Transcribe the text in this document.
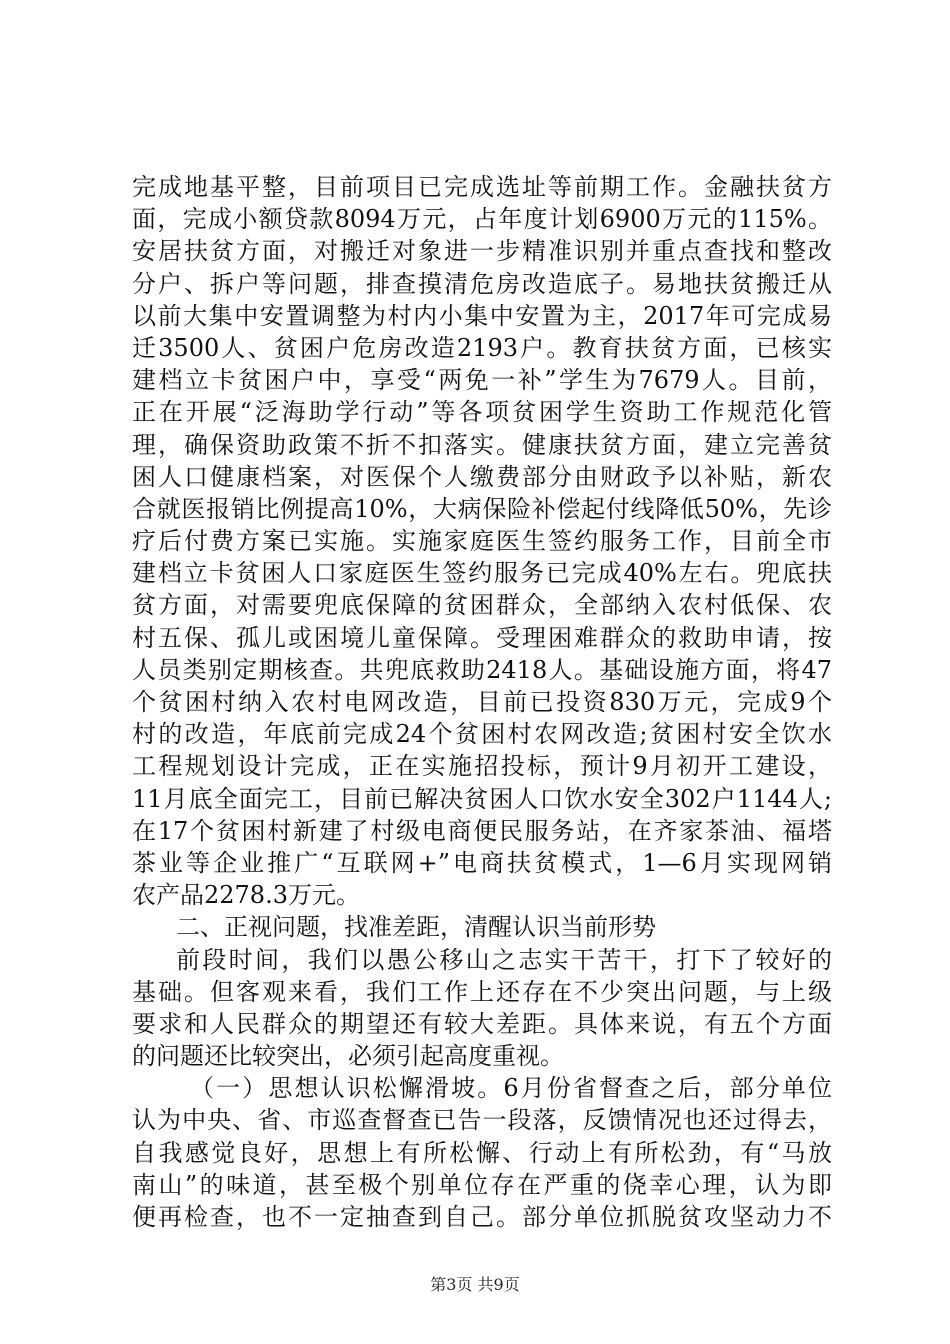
完成地基平整，目前项目已完成选址等前期工作。金融扶贫方
面，完成小额贷款8094万元，占年度计划6900万元的115%。
安居扶贫方面，对搬迁对象进一步精准识别并重点查找和整改
分户、拆户等问题，排查摸清危房改造底子。易地扶贫搬迁从
以前大集中安置调整为村内小集中安置为主，2017年可完成易
迁3500人、贫困户危房改造2193户。教育扶贫方面，已核实
建档立卡贫困户中，享受“两免一补”学生为7679人。目前，
正在开展“泛海助学行动”等各项贫困学生资助工作规范化管
理，确保资助政策不折不扣落实。健康扶贫方面，建立完善贫
困人口健康档案，对医保个人缴费部分由财政予以补贴，新农
合就医报销比例提高10%，大病保险补偿起付线降低50%，先诊
疗后付费方案已实施。实施家庭医生签约服务工作，目前全市
建档立卡贫困人口家庭医生签约服务已完成40%左右。兜底扶
贫方面，对需要兜底保障的贫困群众，全部纳入农村低保、农
村五保、孤儿或困境儿童保障。受理困难群众的救助申请，按
人员类别定期核查。共兜底救助2418人。基础设施方面，将47
个贫困村纳入农村电网改造，目前已投资830万元，完成9个
村的改造，年底前完成24个贫困村农网改造;贫困村安全饮水
工程规划设计完成，正在实施招投标，预计9月初开工建设，
11月底全面完工，目前已解决贫困人口饮水安全302户1144人;
在17个贫困村新建了村级电商便民服务站，在齐家茶油、福塔
茶业等企业推广“互联网+”电商扶贫模式，1—6月实现网销
农产品2278.3万元。
二、正视问题，找准差距，清醒认识当前形势
前段时间，我们以愚公移山之志实干苦干，打下了较好的
基础。但客观来看，我们工作上还存在不少突出问题，与上级
要求和人民群众的期望还有较大差距。具体来说，有五个方面
的问题还比较突出，必须引起高度重视。
（一）思想认识松懈滑坡。6月份省督查之后，部分单位
认为中央、省、市巡查督查已告一段落，反馈情况也还过得去，
自我感觉良好，思想上有所松懈、行动上有所松劲，有“马放
南山”的味道，甚至极个别单位存在严重的侥幸心理，认为即
便再检查，也不一定抽查到自己。部分单位抓脱贫攻坚动力不
第3页 共9页
